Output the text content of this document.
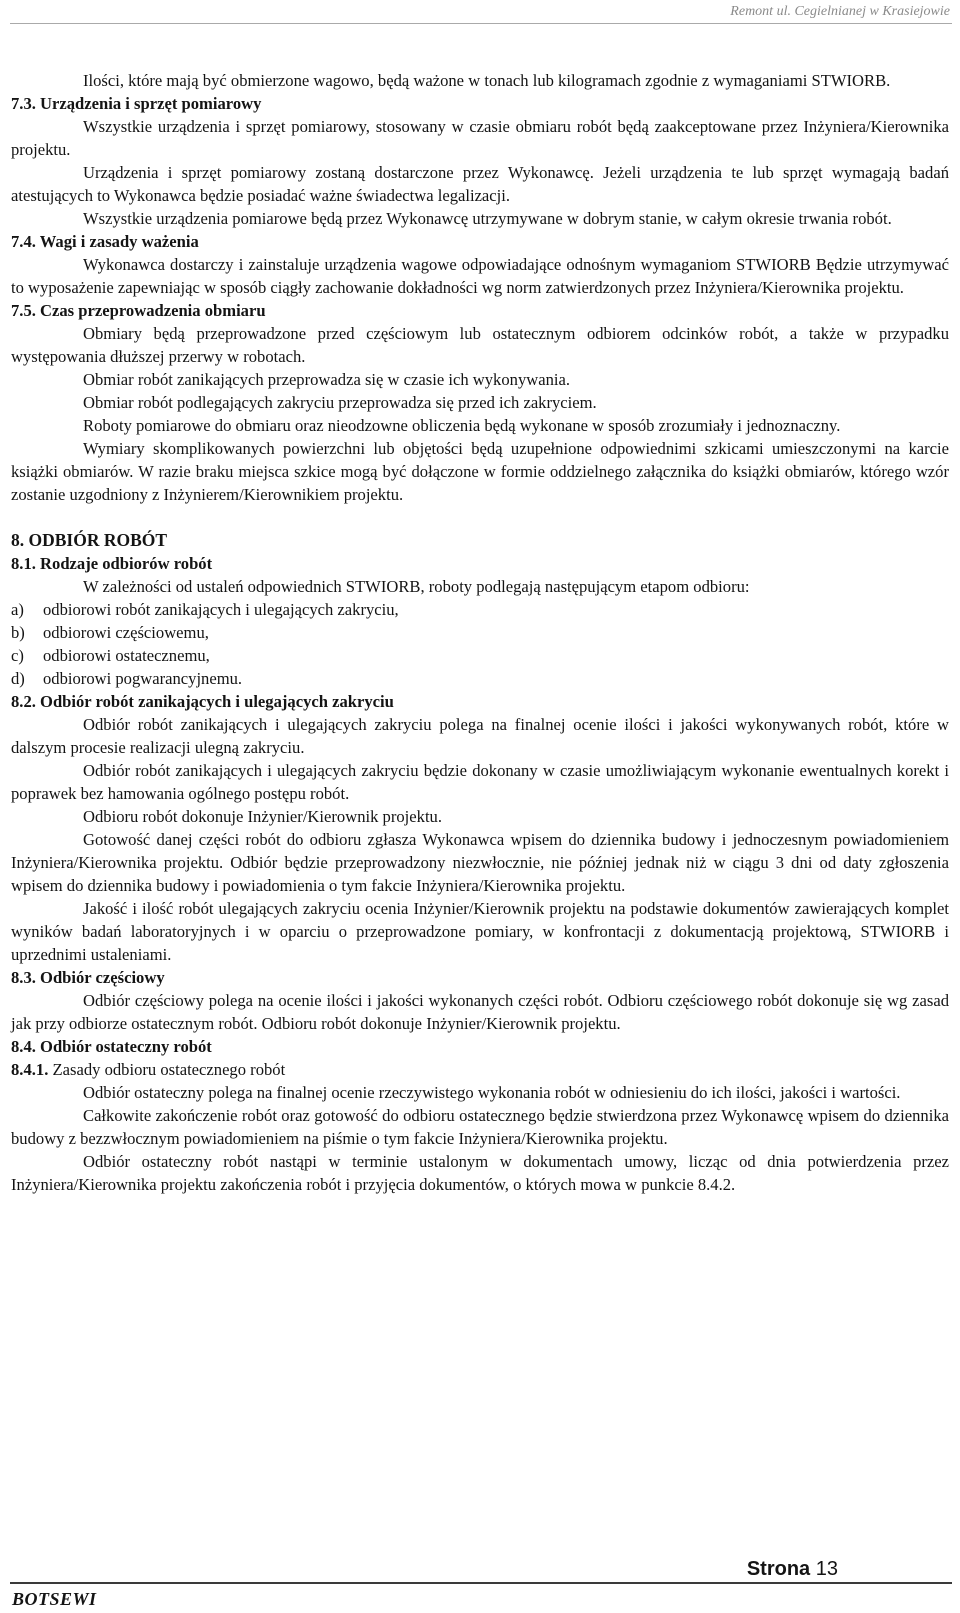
Remont ul. Cegielnianej w Krasiejowie

Ilości, które mają być obmierzone wagowo, będą ważone w tonach lub kilogramach zgodnie z wymaganiami STWIORB.

7.3. Urządzenia i sprzęt pomiarowy

Wszystkie urządzenia i sprzęt pomiarowy, stosowany w czasie obmiaru robót będą zaakceptowane przez Inżyniera/Kierownika projektu.

Urządzenia i sprzęt pomiarowy zostaną dostarczone przez Wykonawcę. Jeżeli urządzenia te lub sprzęt wymagają badań atestujących to Wykonawca będzie posiadać ważne świadectwa legalizacji.

Wszystkie urządzenia pomiarowe będą przez Wykonawcę utrzymywane w dobrym stanie, w całym okresie trwania robót.

7.4. Wagi i zasady ważenia

Wykonawca dostarczy i zainstaluje urządzenia wagowe odpowiadające odnośnym wymaganiom STWIORB Będzie utrzymywać to wyposażenie zapewniając w sposób ciągły zachowanie dokładności wg norm zatwierdzonych przez Inżyniera/Kierownika projektu.

7.5. Czas przeprowadzenia obmiaru

Obmiary będą przeprowadzone przed częściowym lub ostatecznym odbiorem odcinków robót, a także w przypadku występowania dłuższej przerwy w robotach.

Obmiar robót zanikających przeprowadza się w czasie ich wykonywania.

Obmiar robót podlegających zakryciu przeprowadza się przed ich zakryciem.

Roboty pomiarowe do obmiaru oraz nieodzowne obliczenia będą wykonane w sposób zrozumiały i jednoznaczny.

Wymiary skomplikowanych powierzchni lub objętości będą uzupełnione odpowiednimi szkicami umieszczonymi na karcie książki obmiarów. W razie braku miejsca szkice mogą być dołączone w formie oddzielnego załącznika do książki obmiarów, którego wzór zostanie uzgodniony z Inżynierem/Kierownikiem projektu.

8. ODBIÓR ROBÓT

8.1. Rodzaje odbiorów robót

W zależności od ustaleń odpowiednich STWIORB, roboty podlegają następującym etapom odbioru:

a) odbiorowi robót zanikających i ulegających zakryciu,

b) odbiorowi częściowemu,

c) odbiorowi ostatecznemu,

d) odbiorowi pogwarancyjnemu.

8.2. Odbiór robót zanikających i ulegających zakryciu

Odbiór robót zanikających i ulegających zakryciu polega na finalnej ocenie ilości i jakości wykonywanych robót, które w dalszym procesie realizacji ulegną zakryciu.

Odbiór robót zanikających i ulegających zakryciu będzie dokonany w czasie umożliwiającym wykonanie ewentualnych korekt i poprawek bez hamowania ogólnego postępu robót.

Odbioru robót dokonuje Inżynier/Kierownik projektu.

Gotowość danej części robót do odbioru zgłasza Wykonawca wpisem do dziennika budowy i jednoczesnym powiadomieniem Inżyniera/Kierownika projektu. Odbiór będzie przeprowadzony niezwłocznie, nie później jednak niż w ciągu 3 dni od daty zgłoszenia wpisem do dziennika budowy i powiadomienia o tym fakcie Inżyniera/Kierownika projektu.

Jakość i ilość robót ulegających zakryciu ocenia Inżynier/Kierownik projektu na podstawie dokumentów zawierających komplet wyników badań laboratoryjnych i w oparciu o przeprowadzone pomiary, w konfrontacji z dokumentacją projektową, STWIORB i uprzednimi ustaleniami.

8.3. Odbiór częściowy

Odbiór częściowy polega na ocenie ilości i jakości wykonanych części robót. Odbioru częściowego robót dokonuje się wg zasad jak przy odbiorze ostatecznym robót. Odbioru robót dokonuje Inżynier/Kierownik projektu.

8.4. Odbiór ostateczny robót

8.4.1. Zasady odbioru ostatecznego robót

Odbiór ostateczny polega na finalnej ocenie rzeczywistego wykonania robót w odniesieniu do ich ilości, jakości i wartości.

Całkowite zakończenie robót oraz gotowość do odbioru ostatecznego będzie stwierdzona przez Wykonawcę wpisem do dziennika budowy z bezzwłocznym powiadomieniem na piśmie o tym fakcie Inżyniera/Kierownika projektu.

Odbiór ostateczny robót nastąpi w terminie ustalonym w dokumentach umowy, licząc od dnia potwierdzenia przez Inżyniera/Kierownika projektu zakończenia robót i przyjęcia dokumentów, o których mowa w punkcie 8.4.2.

Strona 13
BOTSEWI
